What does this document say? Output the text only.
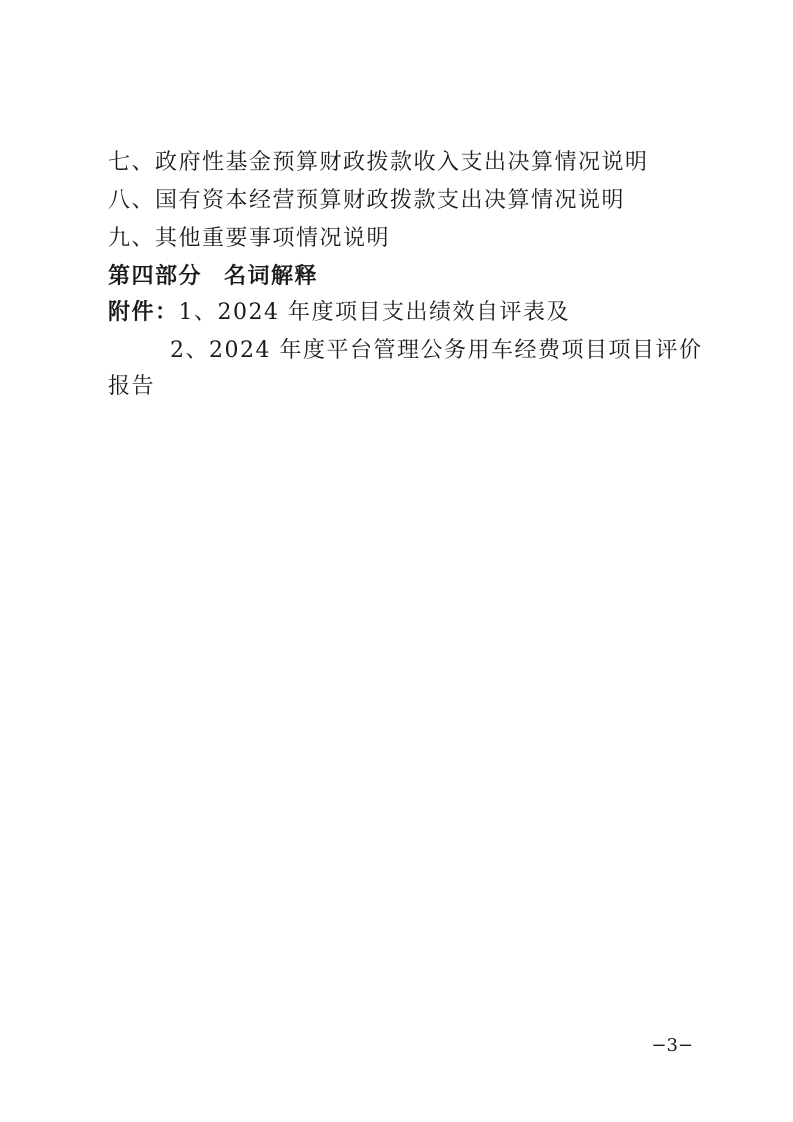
七、政府性基金预算财政拨款收入支出决算情况说明
八、国有资本经营预算财政拨款支出决算情况说明
九、其他重要事项情况说明
第四部分 名词解释
附件：1、2024 年度项目支出绩效自评表及
2、2024 年度平台管理公务用车经费项目项目评价
报告
−3−
